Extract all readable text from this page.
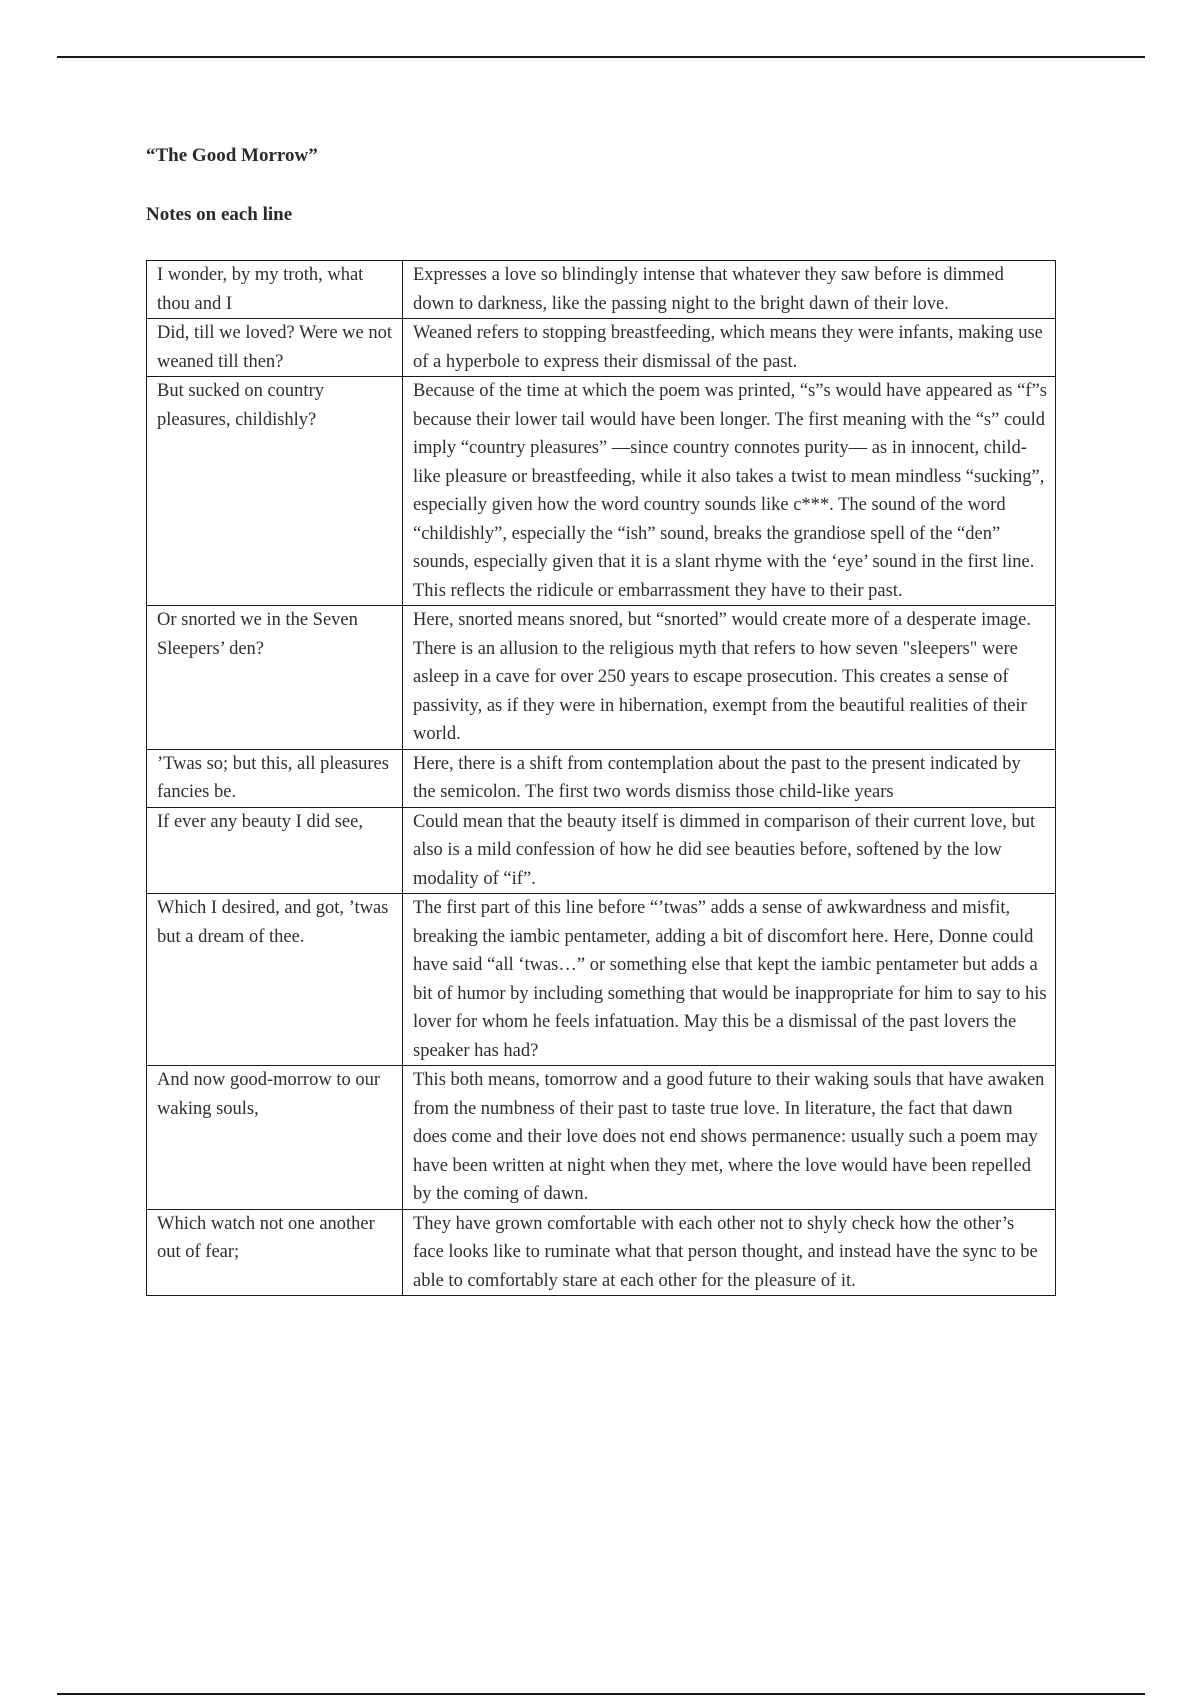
“The Good Morrow”
Notes on each line
I wonder, by my troth, what thou and I	Expresses a love so blindingly intense that whatever they saw before is dimmed down to darkness, like the passing night to the bright dawn of their love.
Did, till we loved? Were we not weaned till then?	Weaned refers to stopping breastfeeding, which means they were infants, making use of a hyperbole to express their dismissal of the past.
But sucked on country pleasures, childishly?	Because of the time at which the poem was printed, “s”s would have appeared as “f”s because their lower tail would have been longer. The first meaning with the “s” could imply “country pleasures” —since country connotes purity— as in innocent, child-like pleasure or breastfeeding, while it also takes a twist to mean mindless “sucking”, especially given how the word country sounds like c***. The sound of the word “childishly”, especially the “ish” sound, breaks the grandiose spell of the “den” sounds, especially given that it is a slant rhyme with the ‘eye’ sound in the first line. This reflects the ridicule or embarrassment they have to their past.
Or snorted we in the Seven Sleepers’ den?	Here, snorted means snored, but “snorted” would create more of a desperate image. There is an allusion to the religious myth that refers to how seven "sleepers" were asleep in a cave for over 250 years to escape prosecution. This creates a sense of passivity, as if they were in hibernation, exempt from the beautiful realities of their world.
’Twas so; but this, all pleasures fancies be.	Here, there is a shift from contemplation about the past to the present indicated by the semicolon. The first two words dismiss those child-like years
If ever any beauty I did see,	Could mean that the beauty itself is dimmed in comparison of their current love, but also is a mild confession of how he did see beauties before, softened by the low modality of “if”.
Which I desired, and got, ’twas but a dream of thee.	The first part of this line before “’twas” adds a sense of awkwardness and misfit, breaking the iambic pentameter, adding a bit of discomfort here. Here, Donne could have said “all ‘twas…” or something else that kept the iambic pentameter but adds a bit of humor by including something that would be inappropriate for him to say to his lover for whom he feels infatuation. May this be a dismissal of the past lovers the speaker has had?
And now good-morrow to our waking souls,	This both means, tomorrow and a good future to their waking souls that have awaken from the numbness of their past to taste true love. In literature, the fact that dawn does come and their love does not end shows permanence: usually such a poem may have been written at night when they met, where the love would have been repelled by the coming of dawn.
Which watch not one another out of fear;	They have grown comfortable with each other not to shyly check how the other’s face looks like to ruminate what that person thought, and instead have the sync to be able to comfortably stare at each other for the pleasure of it.
